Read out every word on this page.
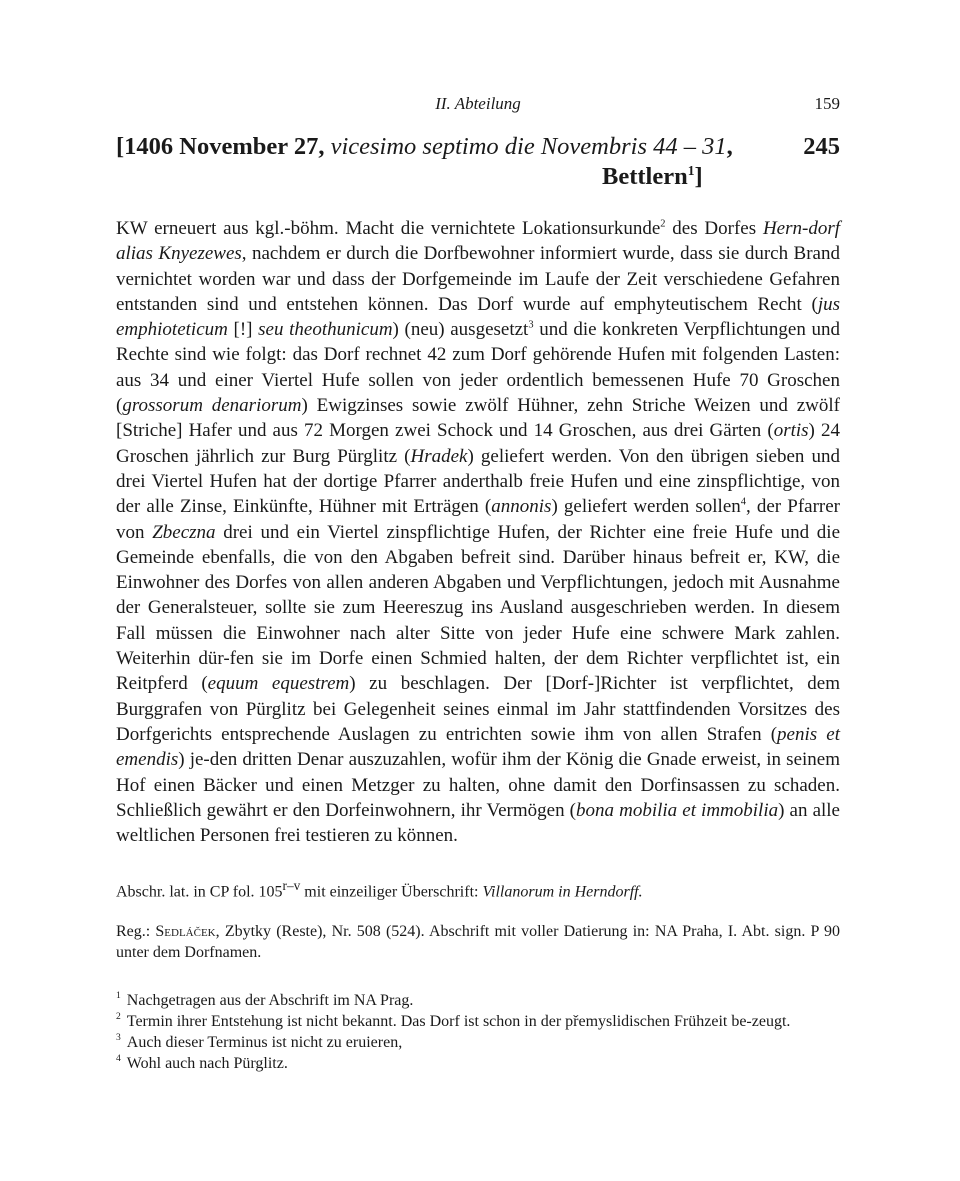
II. Abteilung	159
[1406 November 27, vicesimo septimo die Novembris 44 – 31,
Bettlern$^1$]
245
KW erneuert aus kgl.-böhm. Macht die vernichtete Lokationsurkunde$^2$ des Dorfes Hern-dorf alias Knyezewes, nachdem er durch die Dorfbewohner informiert wurde, dass sie durch Brand vernichtet worden war und dass der Dorfgemeinde im Laufe der Zeit verschiedene Gefahren entstanden sind und entstehen können. Das Dorf wurde auf emphyteutischem Recht (jus emphioteticum [!] seu theothunicum) (neu) ausgesetzt$^3$ und die konkreten Verpflichtungen und Rechte sind wie folgt: das Dorf rechnet 42 zum Dorf gehörende Hufen mit folgenden Lasten: aus 34 und einer Viertel Hufe sollen von jeder ordentlich bemessenen Hufe 70 Groschen (grossorum denariorum) Ewigzinses sowie zwölf Hühner, zehn Striche Weizen und zwölf [Striche] Hafer und aus 72 Morgen zwei Schock und 14 Groschen, aus drei Gärten (ortis) 24 Groschen jährlich zur Burg Pürglitz (Hradek) geliefert werden. Von den übrigen sieben und drei Viertel Hufen hat der dortige Pfarrer anderthalb freie Hufen und eine zinspflichtige, von der alle Zinse, Einkünfte, Hühner mit Erträgen (annonis) geliefert werden sollen$^4$, der Pfarrer von Zbeczna drei und ein Viertel zinspflichtige Hufen, der Richter eine freie Hufe und die Gemeinde ebenfalls, die von den Abgaben befreit sind. Darüber hinaus befreit er, KW, die Einwohner des Dorfes von allen anderen Abgaben und Verpflichtungen, jedoch mit Ausnahme der Generalsteuer, sollte sie zum Heereszug ins Ausland ausgeschrieben werden. In diesem Fall müssen die Einwohner nach alter Sitte von jeder Hufe eine schwere Mark zahlen. Weiterhin dür-fen sie im Dorfe einen Schmied halten, der dem Richter verpflichtet ist, ein Reitpferd (equum equestrem) zu beschlagen. Der [Dorf-]Richter ist verpflichtet, dem Burggrafen von Pürglitz bei Gelegenheit seines einmal im Jahr stattfindenden Vorsitzes des Dorfgerichts entsprechende Auslagen zu entrichten sowie ihm von allen Strafen (penis et emendis) je-den dritten Denar auszuzahlen, wofür ihm der König die Gnade erweist, in seinem Hof einen Bäcker und einen Metzger zu halten, ohne damit den Dorfinsassen zu schaden. Schließlich gewährt er den Dorfeinwohnern, ihr Vermögen (bona mobilia et immobilia) an alle weltlichen Personen frei testieren zu können.
Abschr. lat. in CP fol. 105$^{r-v}$ mit einzeiliger Überschrift: Villanorum in Herndorff.
Reg.: Sedláček, Zbytky (Reste), Nr. 508 (524). Abschrift mit voller Datierung in: NA Praha, I. Abt. sign. P 90 unter dem Dorfnamen.
$^1$ Nachgetragen aus der Abschrift im NA Prag.
$^2$ Termin ihrer Entstehung ist nicht bekannt. Das Dorf ist schon in der přemyslidischen Frühzeit be-zeugt.
$^3$ Auch dieser Terminus ist nicht zu eruieren,
$^4$ Wohl auch nach Pürglitz.
